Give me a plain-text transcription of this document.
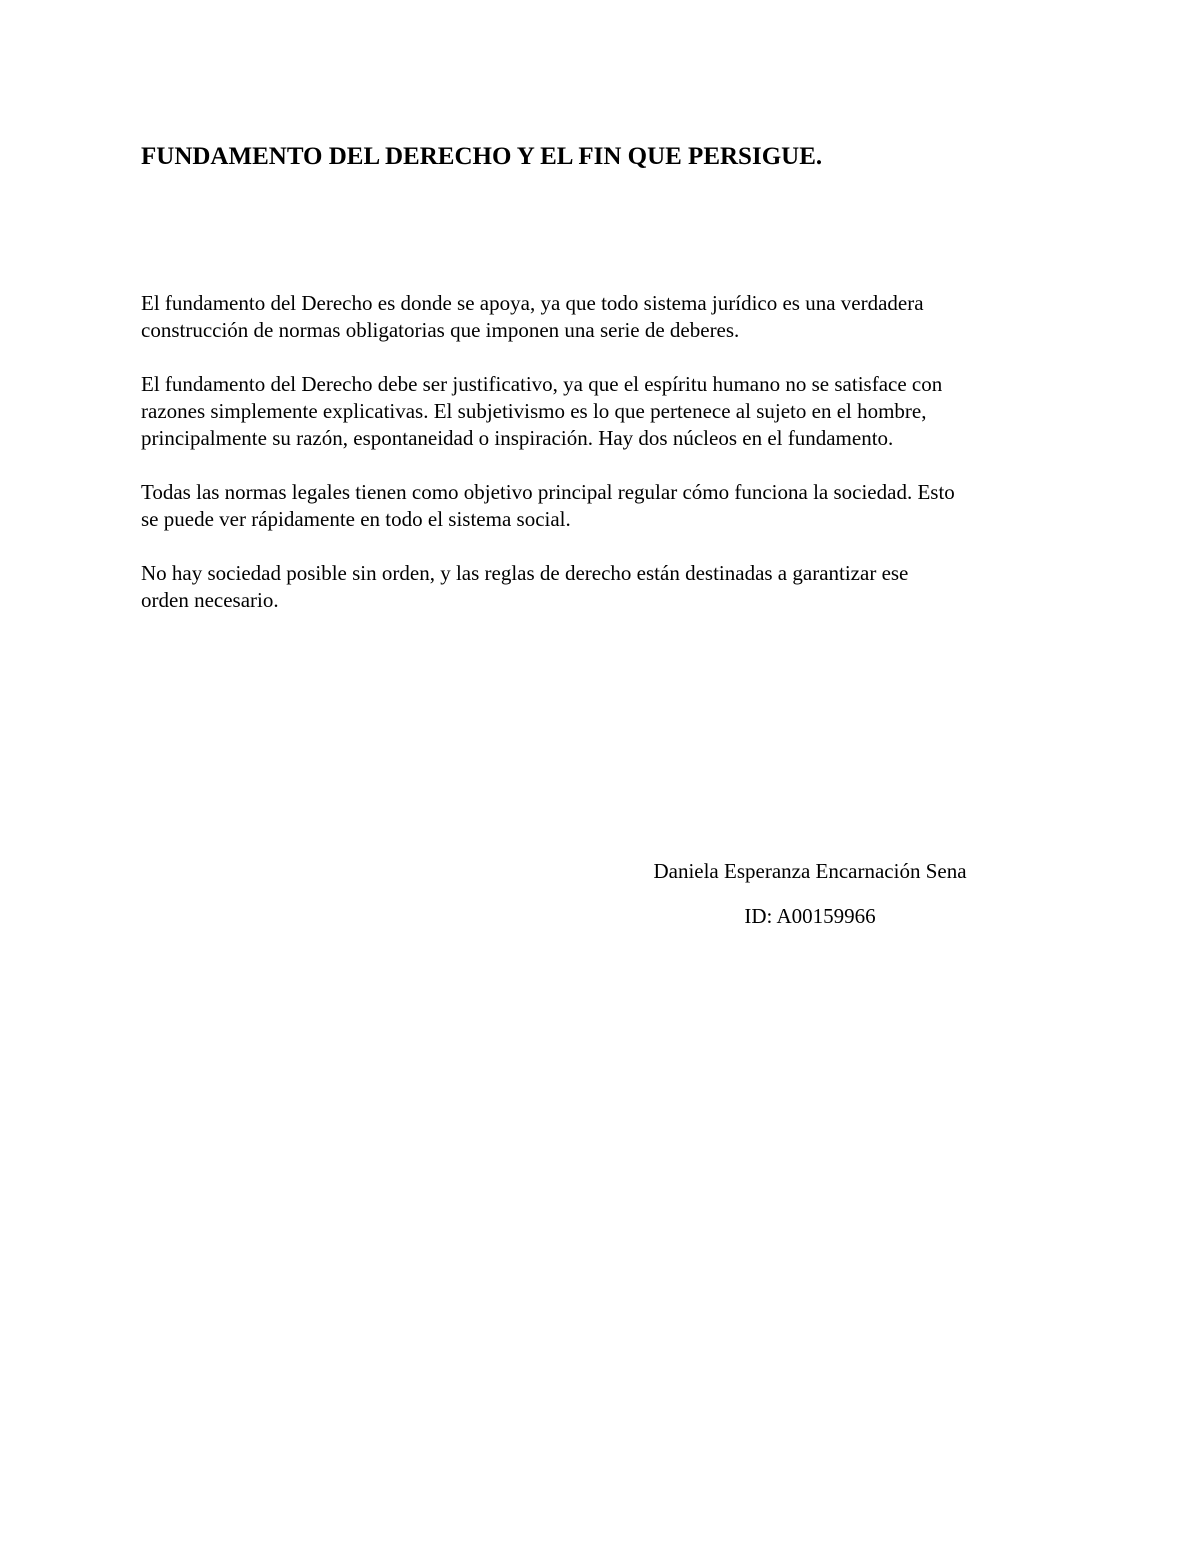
FUNDAMENTO DEL DERECHO Y EL FIN QUE PERSIGUE.

El fundamento del Derecho es donde se apoya, ya que todo sistema jurídico es una verdadera
construcción de normas obligatorias que imponen una serie de deberes.

El fundamento del Derecho debe ser justificativo, ya que el espíritu humano no se satisface con
razones simplemente explicativas. El subjetivismo es lo que pertenece al sujeto en el hombre,
principalmente su razón, espontaneidad o inspiración. Hay dos núcleos en el fundamento.

Todas las normas legales tienen como objetivo principal regular cómo funciona la sociedad. Esto
se puede ver rápidamente en todo el sistema social.

No hay sociedad posible sin orden, y las reglas de derecho están destinadas a garantizar ese
orden necesario.

Daniela Esperanza Encarnación Sena
ID: A00159966
